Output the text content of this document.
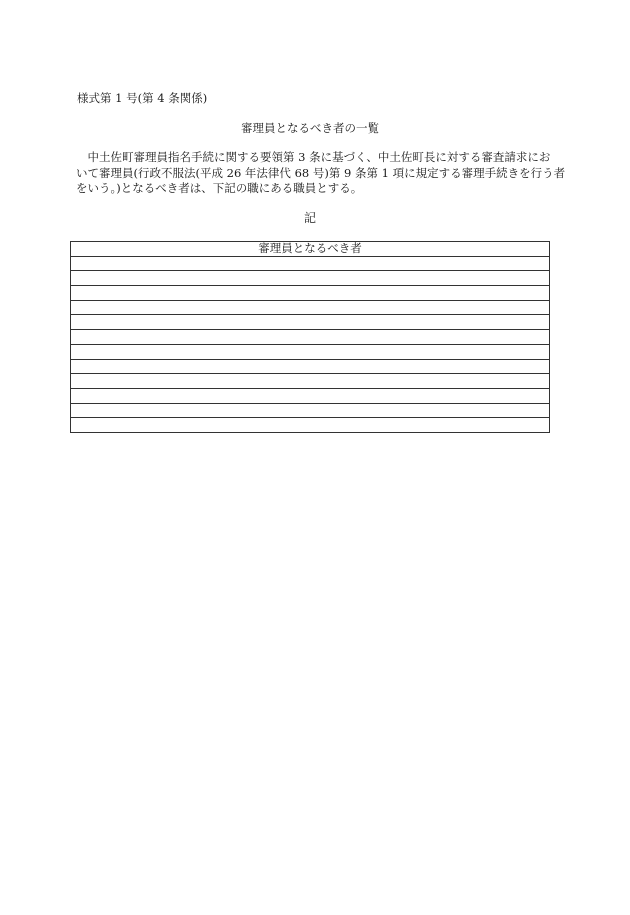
様式第 1 号(第 4 条関係)
審理員となるべき者の一覧
　中土佐町審理員指名手続に関する要領第 3 条に基づく、中土佐町長に対する審査請求にお
いて審理員(行政不服法(平成 26 年法律代 68 号)第 9 条第 1 項に規定する審理手続きを行う者
をいう。)となるべき者は、下記の職にある職員とする。
記
審理員となるべき者
